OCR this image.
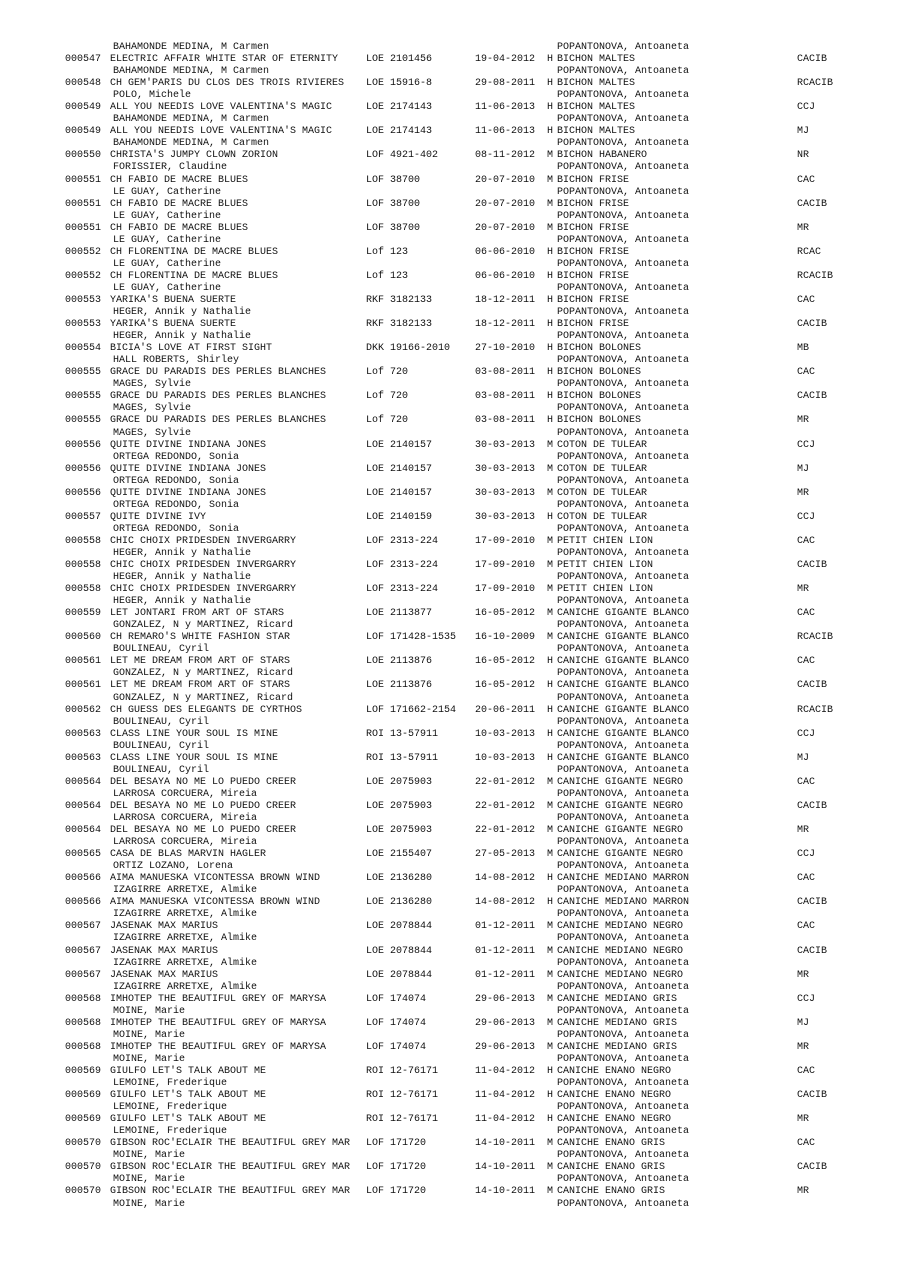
BAHAMONDE MEDINA, M Carmen

	POPANTONOVA, Antoaneta

000547 ELECTRIC AFFAIR WHITE STAR OF ETERNITY	LOE 2101456	19-04-2012 H BICHON MALTES	CACIB
BAHAMONDE MEDINA, M Carmen	POPANTONOVA, Antoaneta
000548 CH GEM'PARIS DU CLOS DES TROIS RIVIERES LOE 15916-8	29-08-2011 H BICHON MALTES	RCACIB
POLO, Michele	POPANTONOVA, Antoaneta
000549 ALL YOU NEEDIS LOVE VALENTINA'S MAGIC	LOE 2174143	11-06-2013 H BICHON MALTES	CCJ
BAHAMONDE MEDINA, M Carmen	POPANTONOVA, Antoaneta
000549 ALL YOU NEEDIS LOVE VALENTINA'S MAGIC	LOE 2174143	11-06-2013 H BICHON MALTES	MJ
BAHAMONDE MEDINA, M Carmen	POPANTONOVA, Antoaneta
000550 CHRISTA'S JUMPY CLOWN ZORION	LOF 4921-402	08-11-2012 M BICHON HABANERO	NR
FORISSIER, Claudine	POPANTONOVA, Antoaneta
000551 CH FABIO DE MACRE BLUES	LOF 38700	20-07-2010 M BICHON FRISE	CAC
LE GUAY, Catherine	POPANTONOVA, Antoaneta
000551 CH FABIO DE MACRE BLUES	LOF 38700	20-07-2010 M BICHON FRISE	CACIB
LE GUAY, Catherine	POPANTONOVA, Antoaneta
000551 CH FABIO DE MACRE BLUES	LOF 38700	20-07-2010 M BICHON FRISE	MR
LE GUAY, Catherine	POPANTONOVA, Antoaneta
000552 CH FLORENTINA DE MACRE BLUES	Lof 123	06-06-2010 H BICHON FRISE	RCAC
LE GUAY, Catherine	POPANTONOVA, Antoaneta
000552 CH FLORENTINA DE MACRE BLUES	Lof 123	06-06-2010 H BICHON FRISE	RCACIB
LE GUAY, Catherine	POPANTONOVA, Antoaneta
000553 YARIKA'S BUENA SUERTE	RKF 3182133	18-12-2011 H BICHON FRISE	CAC
HEGER, Annik y Nathalie	POPANTONOVA, Antoaneta
000553 YARIKA'S BUENA SUERTE	RKF 3182133	18-12-2011 H BICHON FRISE	CACIB
HEGER, Annik y Nathalie	POPANTONOVA, Antoaneta
000554 BICIA'S LOVE AT FIRST SIGHT	DKK 19166-2010 27-10-2010 H BICHON BOLONES	MB
HALL ROBERTS, Shirley	POPANTONOVA, Antoaneta
000555 GRACE DU PARADIS DES PERLES BLANCHES	Lof 720	03-08-2011 H BICHON BOLONES	CAC
MAGES, Sylvie	POPANTONOVA, Antoaneta
000555 GRACE DU PARADIS DES PERLES BLANCHES	Lof 720	03-08-2011 H BICHON BOLONES	CACIB
MAGES, Sylvie	POPANTONOVA, Antoaneta
000555 GRACE DU PARADIS DES PERLES BLANCHES	Lof 720	03-08-2011 H BICHON BOLONES	MR
MAGES, Sylvie	POPANTONOVA, Antoaneta
000556 QUITE DIVINE INDIANA JONES	LOE 2140157	30-03-2013 M COTON DE TULEAR	CCJ
ORTEGA REDONDO, Sonia	POPANTONOVA, Antoaneta
000556 QUITE DIVINE INDIANA JONES	LOE 2140157	30-03-2013 M COTON DE TULEAR	MJ
ORTEGA REDONDO, Sonia	POPANTONOVA, Antoaneta
000556 QUITE DIVINE INDIANA JONES	LOE 2140157	30-03-2013 M COTON DE TULEAR	MR
ORTEGA REDONDO, Sonia	POPANTONOVA, Antoaneta
000557 QUITE DIVINE IVY	LOE 2140159	30-03-2013 H COTON DE TULEAR	CCJ
ORTEGA REDONDO, Sonia	POPANTONOVA, Antoaneta
000558 CHIC CHOIX PRIDESDEN INVERGARRY	LOF 2313-224	17-09-2010 M PETIT CHIEN LION	CAC
HEGER, Annik y Nathalie	POPANTONOVA, Antoaneta
000558 CHIC CHOIX PRIDESDEN INVERGARRY	LOF 2313-224	17-09-2010 M PETIT CHIEN LION	CACIB
HEGER, Annik y Nathalie	POPANTONOVA, Antoaneta
000558 CHIC CHOIX PRIDESDEN INVERGARRY	LOF 2313-224	17-09-2010 M PETIT CHIEN LION	MR
HEGER, Annik y Nathalie	POPANTONOVA, Antoaneta
000559 LET JONTARI FROM ART OF STARS	LOE 2113877	16-05-2012 M CANICHE GIGANTE BLANCO	CAC
GONZALEZ, N y MARTINEZ, Ricard	POPANTONOVA, Antoaneta
000560 CH REMARO'S WHITE FASHION STAR	LOF 171428-1535 16-10-2009 M CANICHE GIGANTE BLANCO	RCACIB
BOULINEAU, Cyril	POPANTONOVA, Antoaneta
000561 LET ME DREAM FROM ART OF STARS	LOE 2113876	16-05-2012 H CANICHE GIGANTE BLANCO	CAC
GONZALEZ, N y MARTINEZ, Ricard	POPANTONOVA, Antoaneta
000561 LET ME DREAM FROM ART OF STARS	LOE 2113876	16-05-2012 H CANICHE GIGANTE BLANCO	CACIB
GONZALEZ, N y MARTINEZ, Ricard	POPANTONOVA, Antoaneta
000562 CH GUESS DES ELEGANTS DE CYRTHOS	LOF 171662-2154 20-06-2011 H CANICHE GIGANTE BLANCO	RCACIB
BOULINEAU, Cyril	POPANTONOVA, Antoaneta
000563 CLASS LINE YOUR SOUL IS MINE	ROI 13-57911	10-03-2013 H CANICHE GIGANTE BLANCO	CCJ
BOULINEAU, Cyril	POPANTONOVA, Antoaneta
000563 CLASS LINE YOUR SOUL IS MINE	ROI 13-57911	10-03-2013 H CANICHE GIGANTE BLANCO	MJ
BOULINEAU, Cyril	POPANTONOVA, Antoaneta
000564 DEL BESAYA NO ME LO PUEDO CREER	LOE 2075903	22-01-2012 M CANICHE GIGANTE NEGRO	CAC
LARROSA CORCUERA, Mireia	POPANTONOVA, Antoaneta
000564 DEL BESAYA NO ME LO PUEDO CREER	LOE 2075903	22-01-2012 M CANICHE GIGANTE NEGRO	CACIB
LARROSA CORCUERA, Mireia	POPANTONOVA, Antoaneta
000564 DEL BESAYA NO ME LO PUEDO CREER	LOE 2075903	22-01-2012 M CANICHE GIGANTE NEGRO	MR
LARROSA CORCUERA, Mireia	POPANTONOVA, Antoaneta
000565 CASA DE BLAS MARVIN HAGLER	LOE 2155407	27-05-2013 M CANICHE GIGANTE NEGRO	CCJ
ORTIZ LOZANO, Lorena	POPANTONOVA, Antoaneta
000566 AIMA MANUESKA VICONTESSA BROWN WIND	LOE 2136280	14-08-2012 H CANICHE MEDIANO MARRON	CAC
IZAGIRRE ARRETXE, Almike	POPANTONOVA, Antoaneta
000566 AIMA MANUESKA VICONTESSA BROWN WIND	LOE 2136280	14-08-2012 H CANICHE MEDIANO MARRON	CACIB
IZAGIRRE ARRETXE, Almike	POPANTONOVA, Antoaneta
000567 JASENAK MAX MARIUS	LOE 2078844	01-12-2011 M CANICHE MEDIANO NEGRO	CAC
IZAGIRRE ARRETXE, Almike	POPANTONOVA, Antoaneta
000567 JASENAK MAX MARIUS	LOE 2078844	01-12-2011 M CANICHE MEDIANO NEGRO	CACIB
IZAGIRRE ARRETXE, Almike	POPANTONOVA, Antoaneta
000567 JASENAK MAX MARIUS	LOE 2078844	01-12-2011 M CANICHE MEDIANO NEGRO	MR
IZAGIRRE ARRETXE, Almike	POPANTONOVA, Antoaneta
000568 IMHOTEP THE BEAUTIFUL GREY OF MARYSA	LOF 174074	29-06-2013 M CANICHE MEDIANO GRIS	CCJ
MOINE, Marie	POPANTONOVA, Antoaneta
000568 IMHOTEP THE BEAUTIFUL GREY OF MARYSA	LOF 174074	29-06-2013 M CANICHE MEDIANO GRIS	MJ
MOINE, Marie	POPANTONOVA, Antoaneta
000568 IMHOTEP THE BEAUTIFUL GREY OF MARYSA	LOF 174074	29-06-2013 M CANICHE MEDIANO GRIS	MR
MOINE, Marie	POPANTONOVA, Antoaneta
000569 GIULFO LET'S TALK ABOUT ME	ROI 12-76171	11-04-2012 H CANICHE ENANO NEGRO	CAC
LEMOINE, Frederique	POPANTONOVA, Antoaneta
000569 GIULFO LET'S TALK ABOUT ME	ROI 12-76171	11-04-2012 H CANICHE ENANO NEGRO	CACIB
LEMOINE, Frederique	POPANTONOVA, Antoaneta
000569 GIULFO LET'S TALK ABOUT ME	ROI 12-76171	11-04-2012 H CANICHE ENANO NEGRO	MR
LEMOINE, Frederique	POPANTONOVA, Antoaneta
000570 GIBSON ROC'ECLAIR THE BEAUTIFUL GREY MAR LOF 171720	14-10-2011 M CANICHE ENANO GRIS	CAC
MOINE, Marie	POPANTONOVA, Antoaneta
000570 GIBSON ROC'ECLAIR THE BEAUTIFUL GREY MAR LOF 171720	14-10-2011 M CANICHE ENANO GRIS	CACIB
MOINE, Marie	POPANTONOVA, Antoaneta
000570 GIBSON ROC'ECLAIR THE BEAUTIFUL GREY MAR LOF 171720	14-10-2011 M CANICHE ENANO GRIS	MR
MOINE, Marie	POPANTONOVA, Antoaneta
